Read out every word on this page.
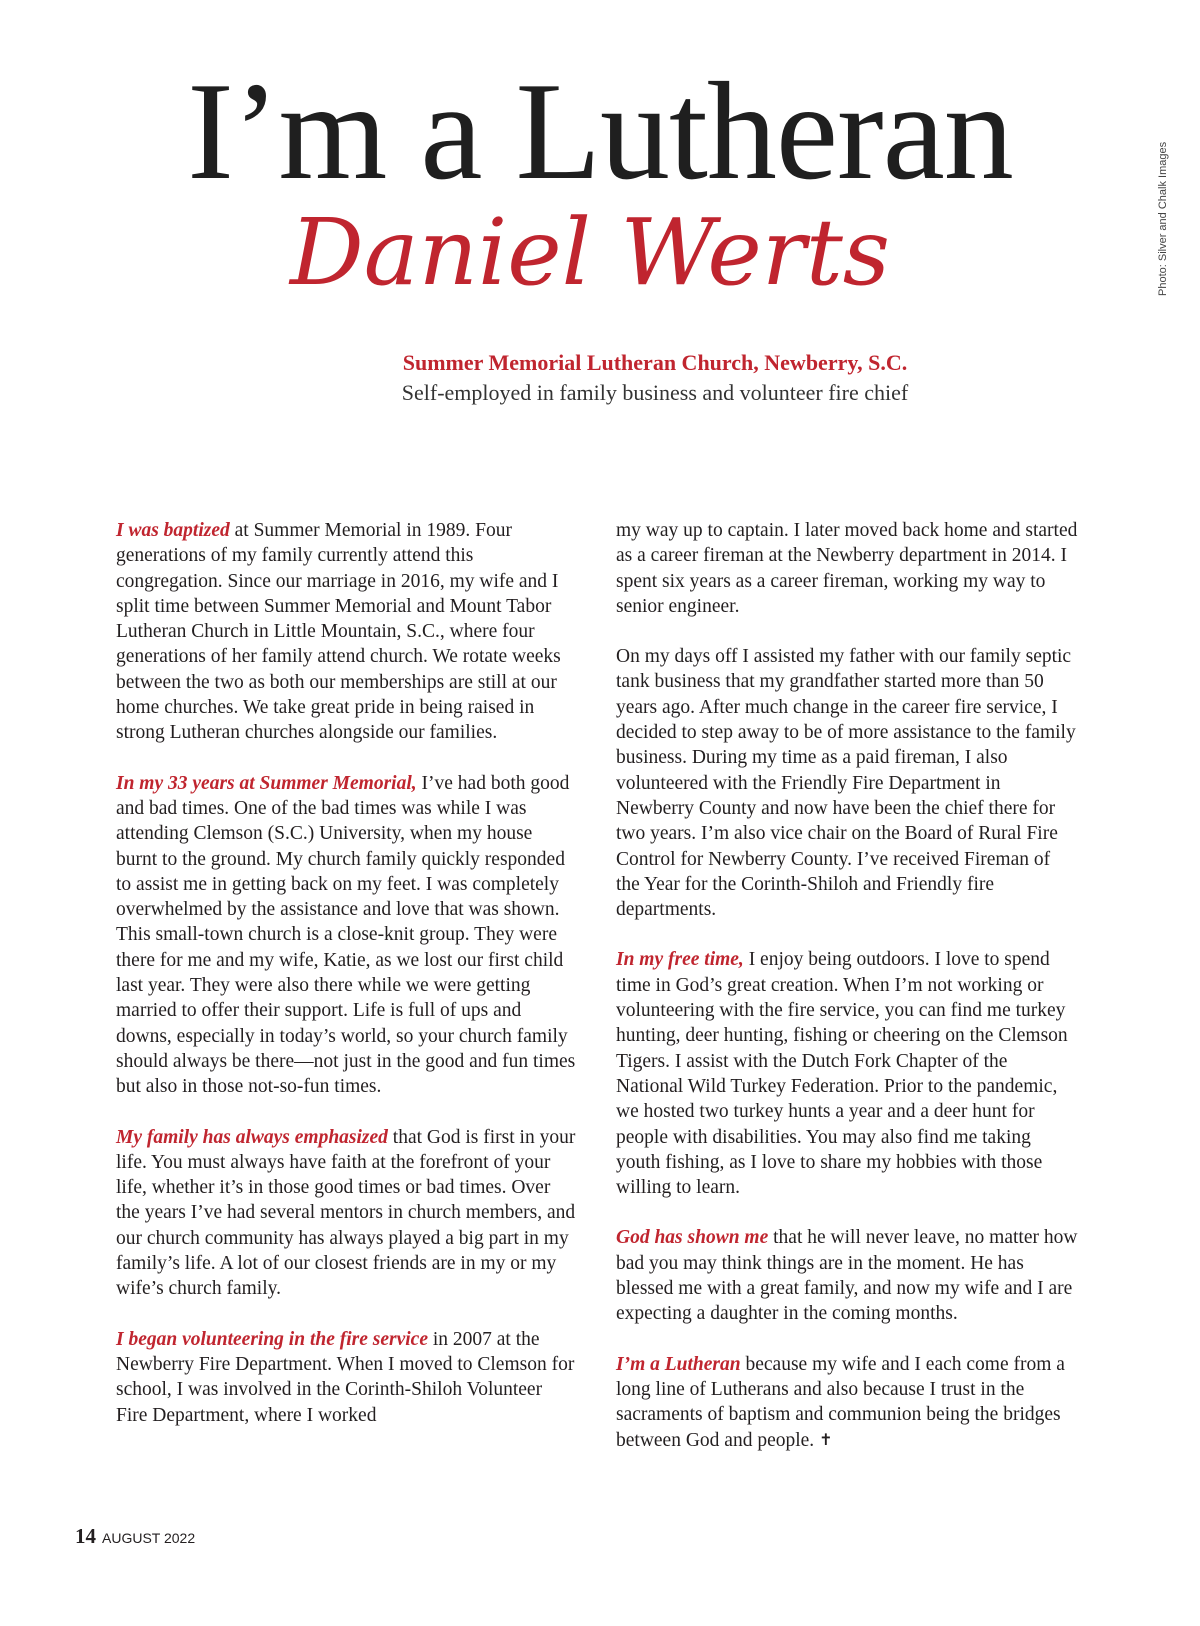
I’m a Lutheran
Daniel Werts
Summer Memorial Lutheran Church, Newberry, S.C.
Self-employed in family business and volunteer fire chief
Photo: Silver and Chalk Images

I was baptized at Summer Memorial in 1989. Four generations of my family currently attend this congregation. Since our marriage in 2016, my wife and I split time between Summer Memorial and Mount Tabor Lutheran Church in Little Mountain, S.C., where four generations of her family attend church. We rotate weeks between the two as both our memberships are still at our home churches. We take great pride in being raised in strong Lutheran churches alongside our families.

In my 33 years at Summer Memorial, I’ve had both good and bad times. One of the bad times was while I was attending Clemson (S.C.) University, when my house burnt to the ground. My church family quickly responded to assist me in getting back on my feet. I was completely overwhelmed by the assistance and love that was shown. This small-town church is a close-knit group. They were there for me and my wife, Katie, as we lost our first child last year. They were also there while we were getting married to offer their support. Life is full of ups and downs, especially in today’s world, so your church family should always be there—not just in the good and fun times but also in those not-so-fun times.

My family has always emphasized that God is first in your life. You must always have faith at the forefront of your life, whether it’s in those good times or bad times. Over the years I’ve had several mentors in church members, and our church community has always played a big part in my family’s life. A lot of our closest friends are in my or my wife’s church family.

I began volunteering in the fire service in 2007 at the Newberry Fire Department. When I moved to Clemson for school, I was involved in the Corinth-Shiloh Volunteer Fire Department, where I worked

my way up to captain. I later moved back home and started as a career fireman at the Newberry department in 2014. I spent six years as a career fireman, working my way to senior engineer.

On my days off I assisted my father with our family septic tank business that my grandfather started more than 50 years ago. After much change in the career fire service, I decided to step away to be of more assistance to the family business. During my time as a paid fireman, I also volunteered with the Friendly Fire Department in Newberry County and now have been the chief there for two years. I’m also vice chair on the Board of Rural Fire Control for Newberry County. I’ve received Fireman of the Year for the Corinth-Shiloh and Friendly fire departments.

In my free time, I enjoy being outdoors. I love to spend time in God’s great creation. When I’m not working or volunteering with the fire service, you can find me turkey hunting, deer hunting, fishing or cheering on the Clemson Tigers. I assist with the Dutch Fork Chapter of the National Wild Turkey Federation. Prior to the pandemic, we hosted two turkey hunts a year and a deer hunt for people with disabilities. You may also find me taking youth fishing, as I love to share my hobbies with those willing to learn.

God has shown me that he will never leave, no matter how bad you may think things are in the moment. He has blessed me with a great family, and now my wife and I are expecting a daughter in the coming months.

I’m a Lutheran because my wife and I each come from a long line of Lutherans and also because I trust in the sacraments of baptism and communion being the bridges between God and people. ✝

14 AUGUST 2022
